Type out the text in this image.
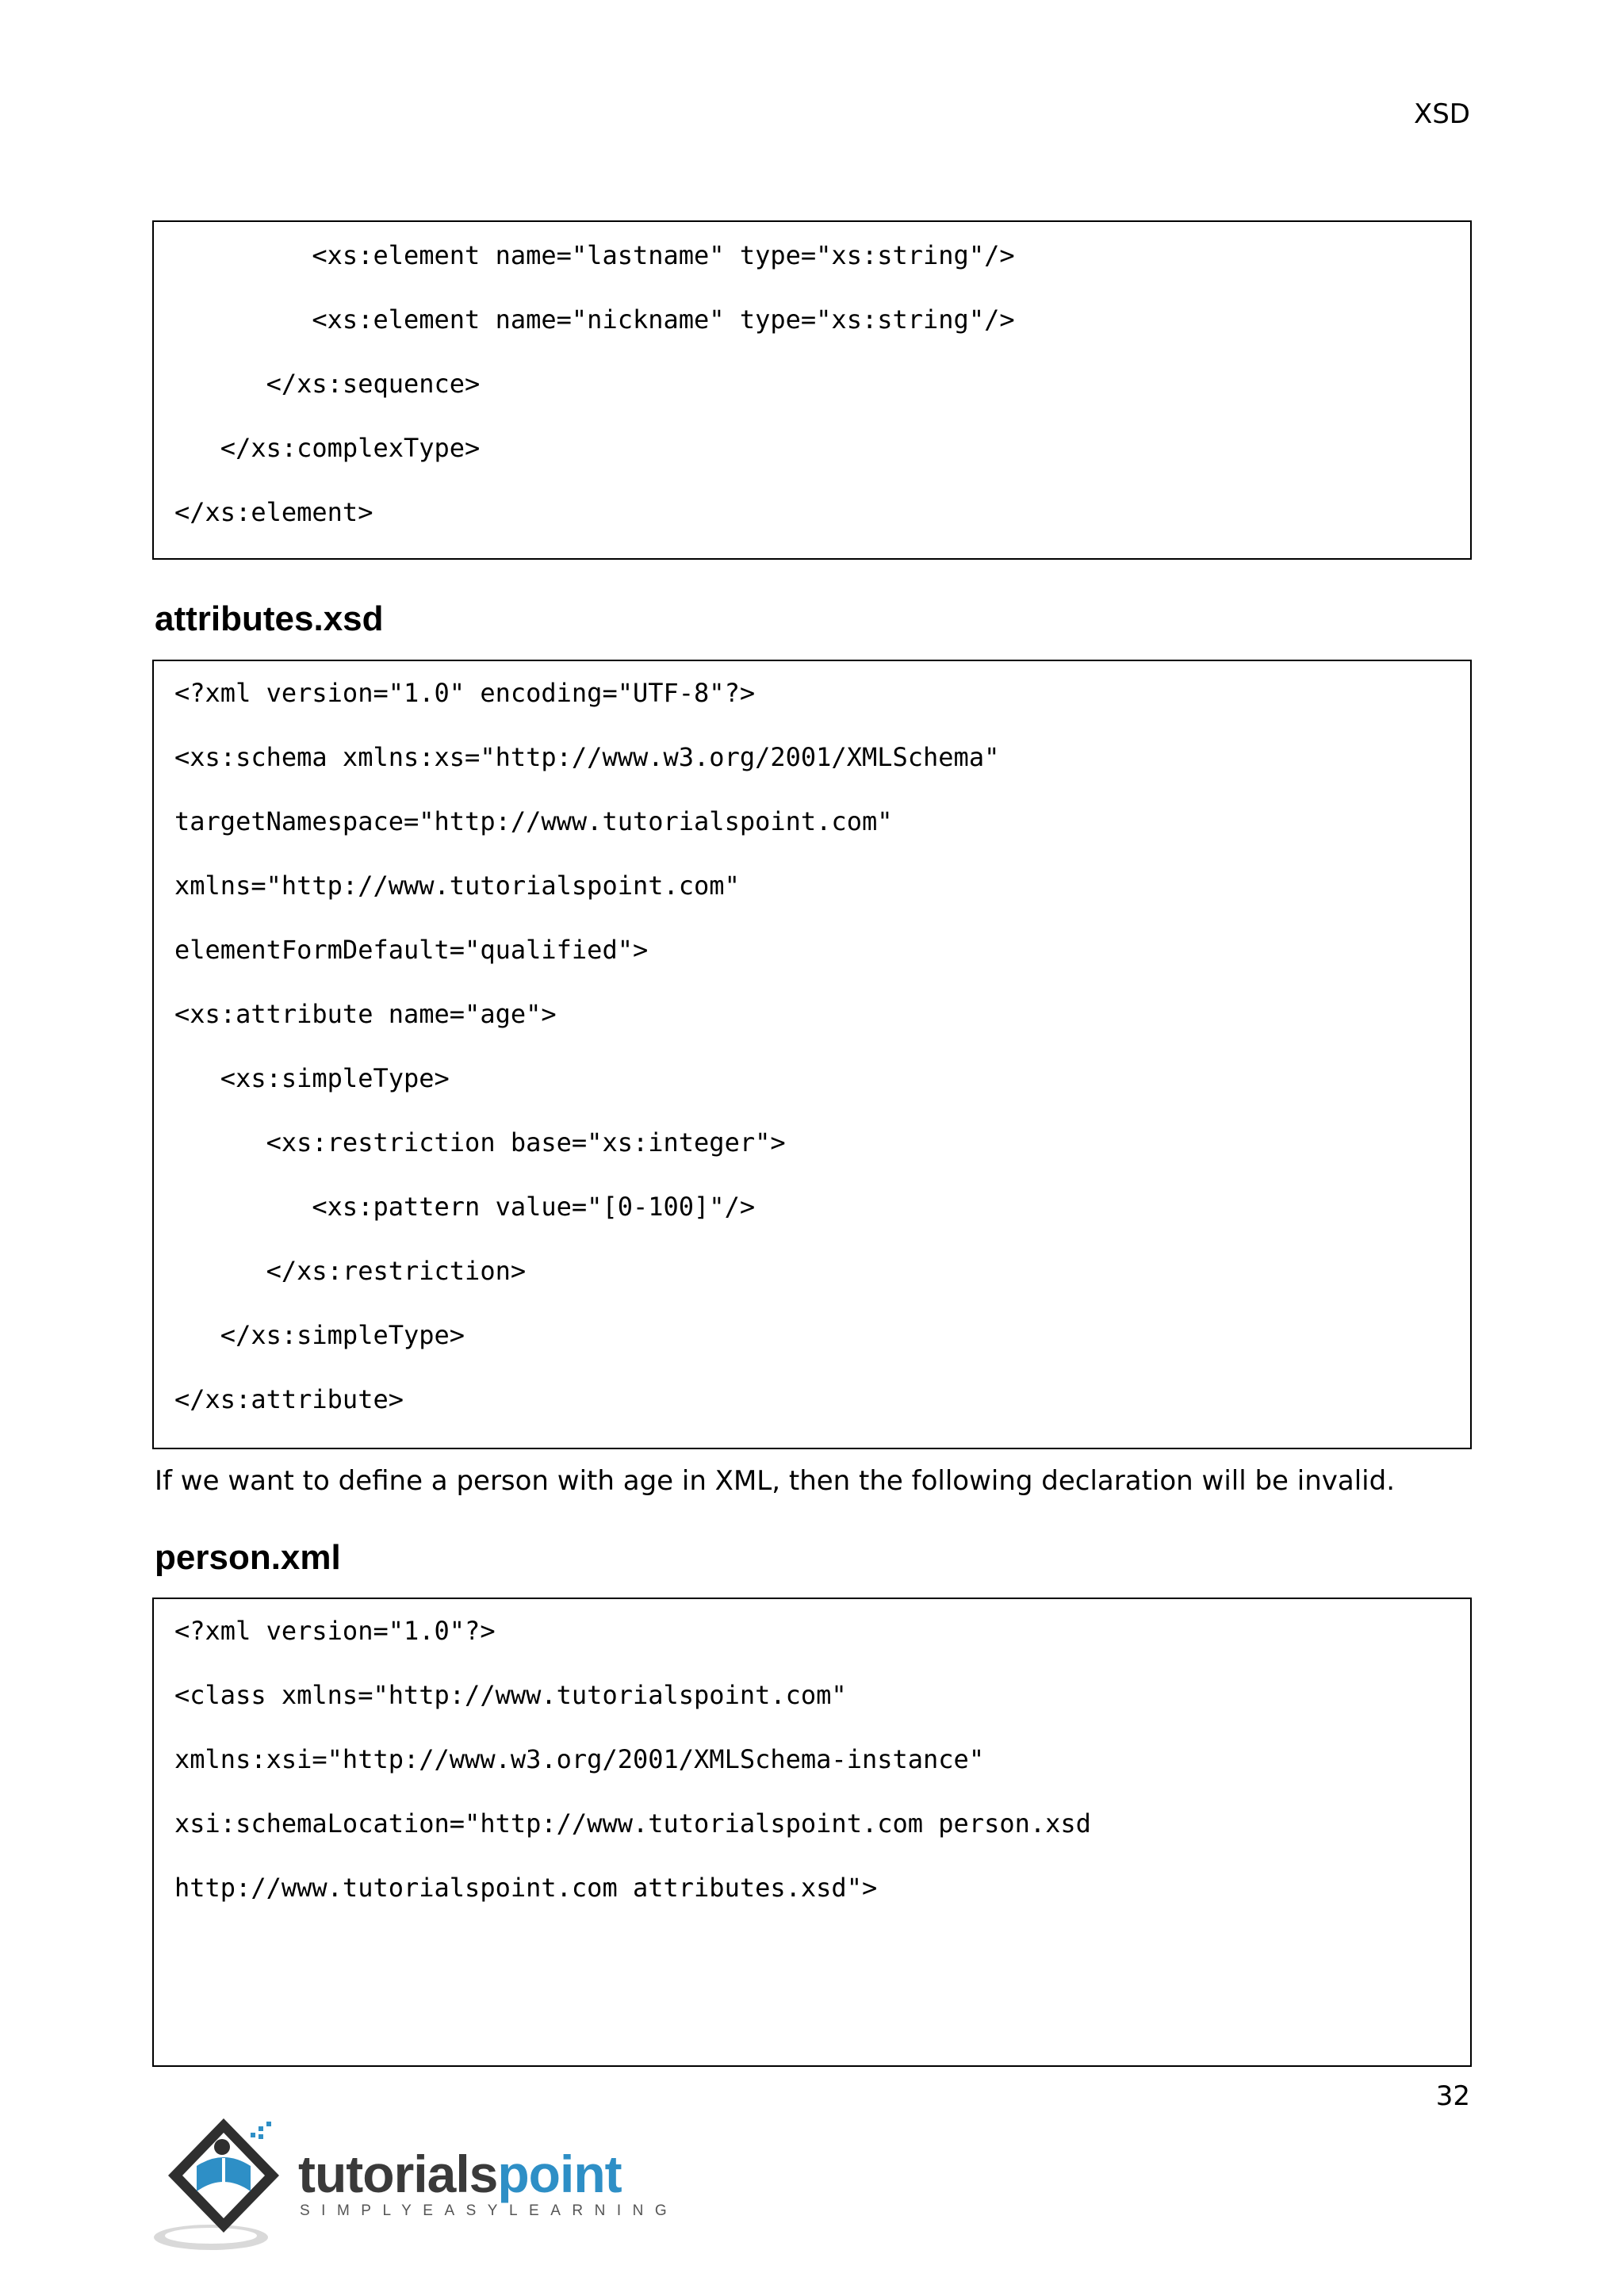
XSD
<xs:element name="lastname" type="xs:string"/>
<xs:element name="nickname" type="xs:string"/>
</xs:sequence>
</xs:complexType>
</xs:element>
attributes.xsd
<?xml version="1.0" encoding="UTF-8"?>
<xs:schema xmlns:xs="http://www.w3.org/2001/XMLSchema"
targetNamespace="http://www.tutorialspoint.com"
xmlns="http://www.tutorialspoint.com"
elementFormDefault="qualified">
<xs:attribute name="age">
<xs:simpleType>
<xs:restriction base="xs:integer">
<xs:pattern value="[0-100]"/>
</xs:restriction>
</xs:simpleType>
</xs:attribute>
If we want to define a person with age in XML, then the following declaration will be invalid.
person.xml
<?xml version="1.0"?>
<class xmlns="http://www.tutorialspoint.com"
xmlns:xsi="http://www.w3.org/2001/XMLSchema-instance"
xsi:schemaLocation="http://www.tutorialspoint.com person.xsd
http://www.tutorialspoint.com attributes.xsd">
32
tutorialspoint
SIMPLYEASYLEARNING
